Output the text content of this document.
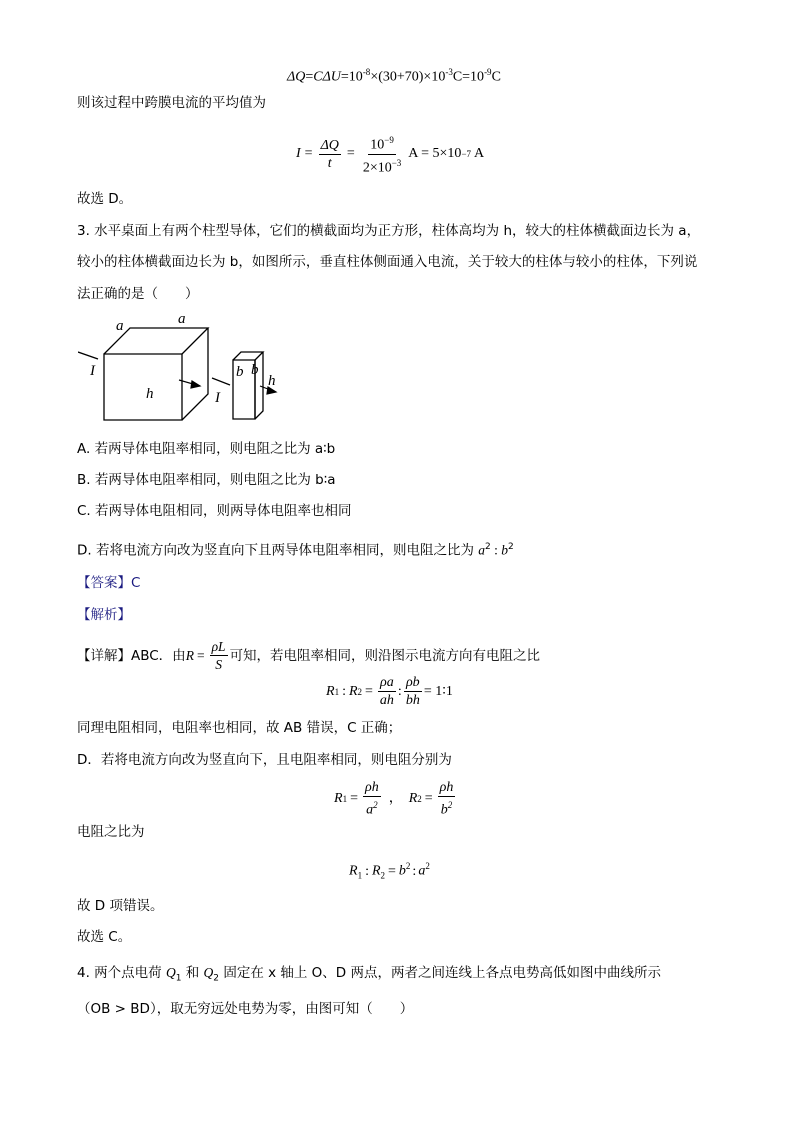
$\Delta Q=C\Delta U=10^{-8}\times(30+70)\times 10^{-3}C=10^{-9}C$
则该过程中跨膜电流的平均值为
$I = \frac{\Delta Q}{t} = \frac{10^{-9}}{2\times 10^{-3}}$ A = 5×10 −7 A
故选 D。
3. 水平桌面上有两个柱型导体，它们的横截面均为正方形，柱体高均为 h，较大的柱体横截面边长为 a，
较小的柱体横截面边长为 b，如图所示，垂直柱体侧面通入电流，关于较大的柱体与较小的柱体，下列说
法正确的是（　　）
a	a
I
h
b b
h
I
A. 若两导体电阻率相同，则电阻之比为 a∶b
B. 若两导体电阻率相同，则电阻之比为 b∶a
C. 若两导体电阻相同，则两导体电阻率也相同
D. 若将电流方向改为竖直向下且两导体电阻率相同，则电阻之比为 $a^2$ : $b^2$
【答案】C
【解析】
【详解】ABC．由 $R = \frac{\rho L}{S}$ 可知，若电阻率相同，则沿图示电流方向有电阻之比
R 1 : R $2 = \frac{\rho a}{ah}$ : $\frac{\rho b}{bh}$ = 1∶1
同理电阻相同，电阻率也相同，故 AB 错误，C 正确；
D．若将电流方向改为竖直向下，且电阻率相同，则电阻分别为
R $1 = \frac{\rho h}{a^2}$ ， R $2 = \frac{\rho h}{b^2}$
电阻之比为
$R_1$ : $R_2 = b^2$ : $a^2$
故 D 项错误。
故选 C。
4. 两个点电荷 $Q_1$ 和 $Q_2$ 固定在 x 轴上 O、D 两点，两者之间连线上各点电势高低如图中曲线所示
（OB > BD），取无穷远处电势为零，由图可知（　　）
